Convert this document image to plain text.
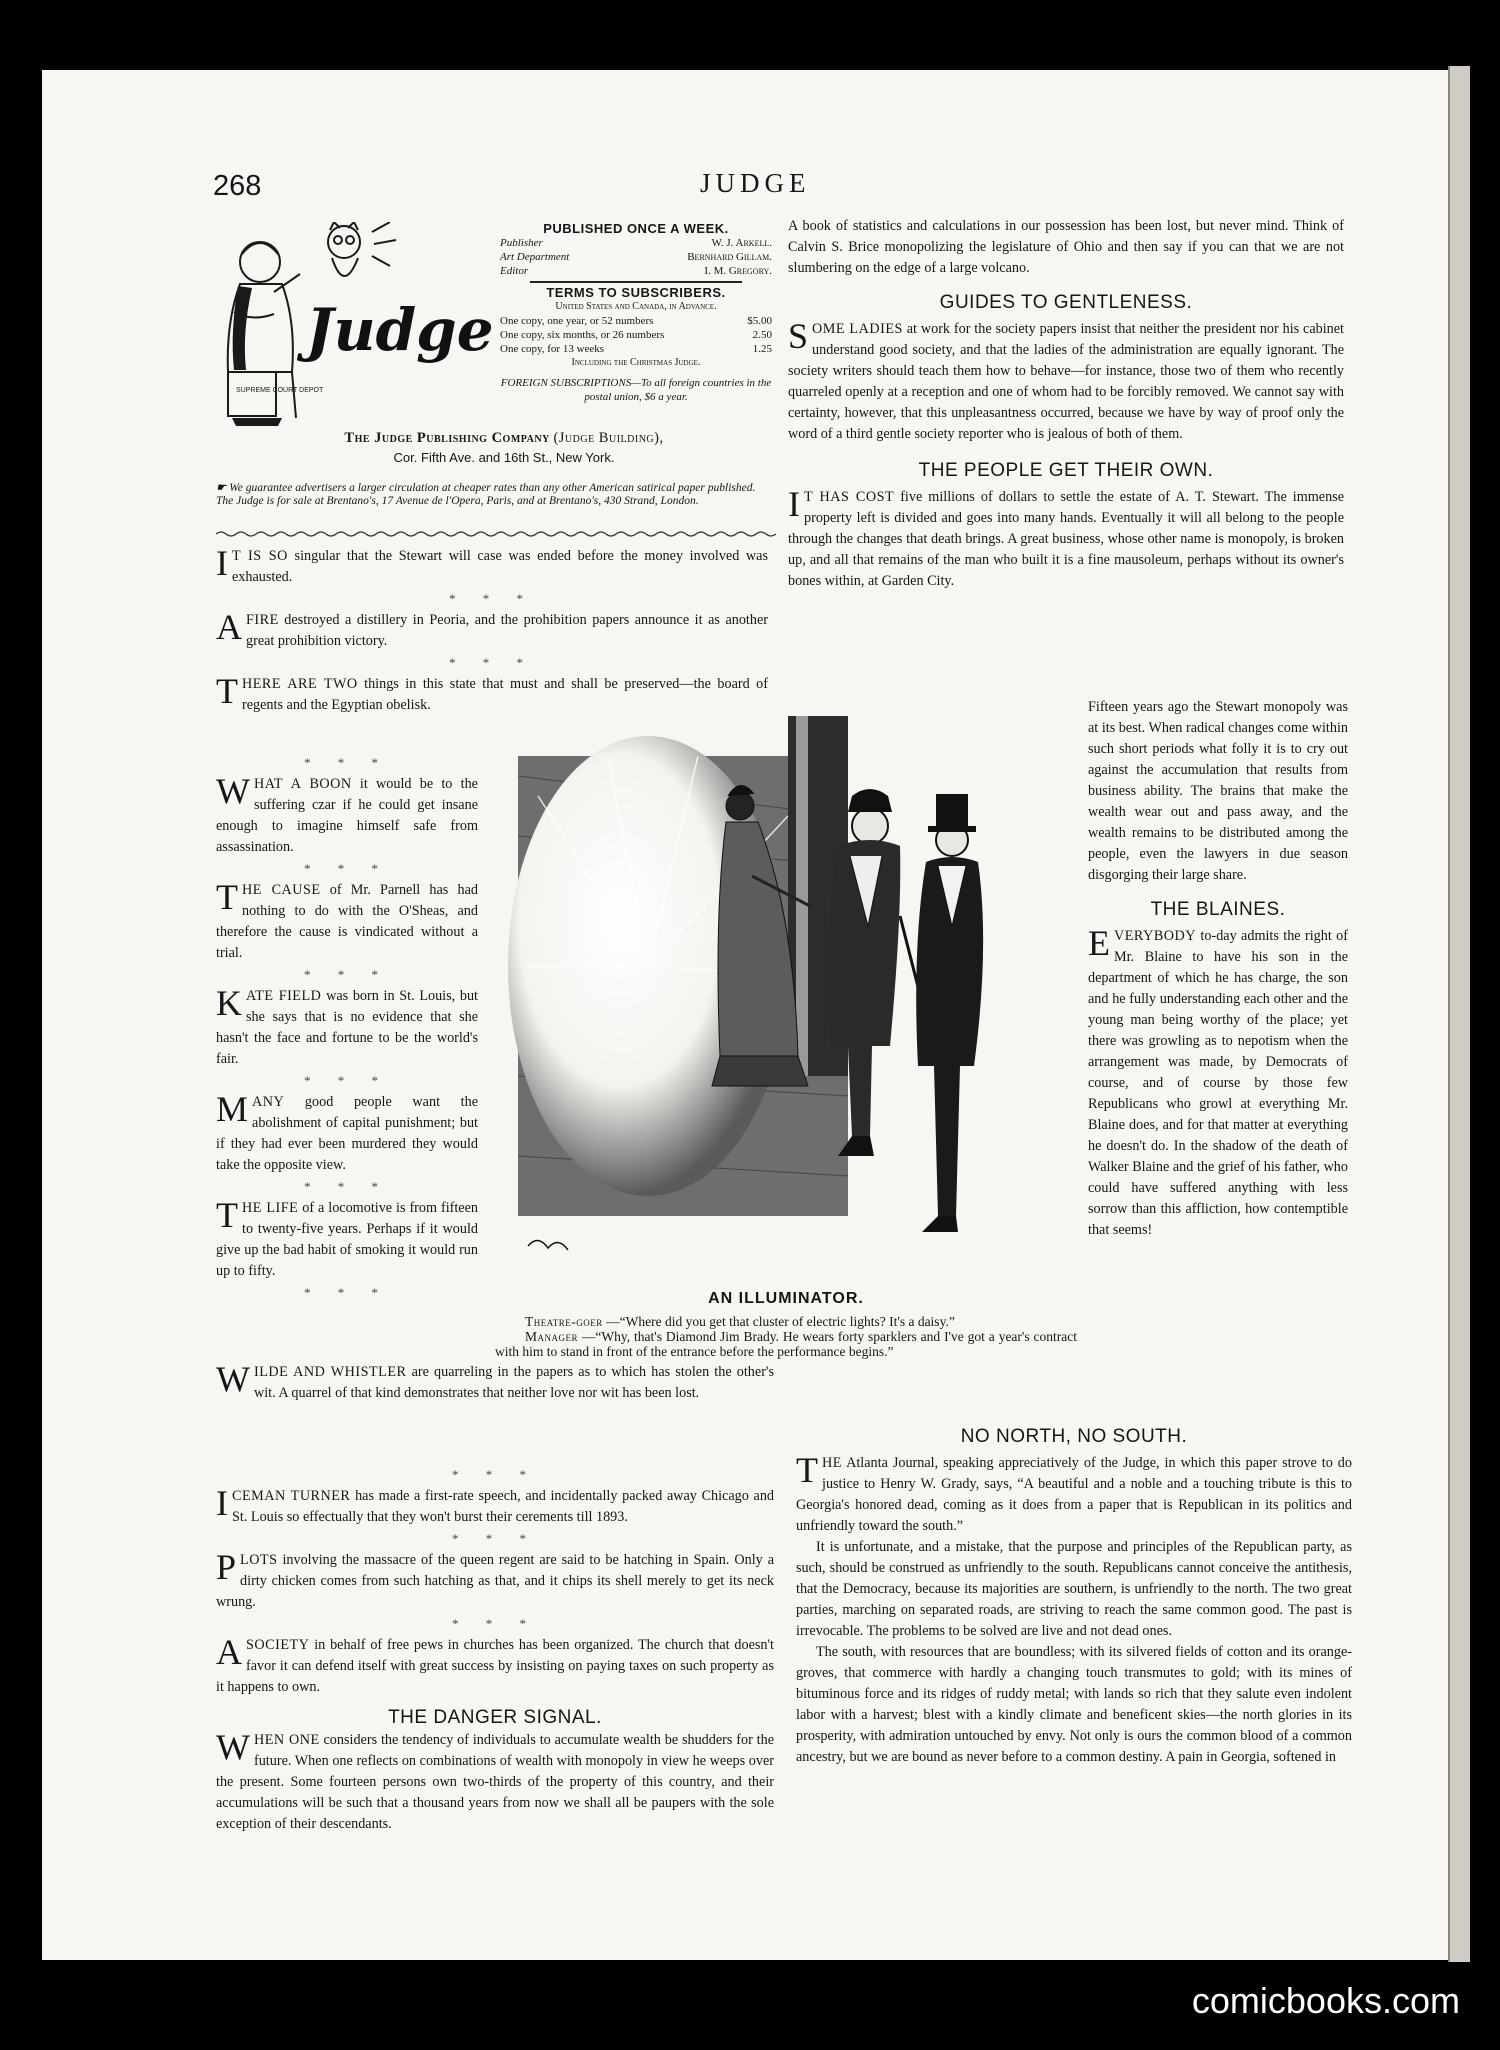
268	JUDGE
SUPREME COURT DEPOT
Judge
PUBLISHED ONCE A WEEK.
Publisher	W. J. Arkell.
Art Department	Bernhard Gillam.
Editor	I. M. Gregory.
TERMS TO SUBSCRIBERS.
United States and Canada, in Advance.
One copy, one year, or 52 numbers	$5.00
One copy, six months, or 26 numbers	2.50
One copy, for 13 weeks	1.25
Including the Christmas Judge.
FOREIGN SUBSCRIPTIONS—To all foreign countries in the postal union, $6 a year.
The Judge Publishing Company (Judge Building),
Cor. Fifth Ave. and 16th St., New York.
☛ We guarantee advertisers a larger circulation at cheaper rates than any other American satirical paper published.
The Judge is for sale at Brentano's, 17 Avenue de l'Opera, Paris, and at Brentano's, 430 Strand, London.

I T IS SO singular that the Stewart will case was ended before the money involved was exhausted.

* * *

A FIRE destroyed a distillery in Peoria, and the prohibition papers announce it as another great prohibition victory.

* * *

THERE ARE TWO things in this state that must and shall be preserved—the board of regents and the Egyptian obelisk.

* * *

WHAT A BOON it would be to the suffering czar if he could get insane enough to imagine himself safe from assassination.

* * *

THE CAUSE of Mr. Parnell has had nothing to do with the O'Sheas, and therefore the cause is vindicated without a trial.

* * *

KATE FIELD was born in St. Louis, but she says that is no evidence that she hasn't the face and fortune to be the world's fair.

* * *

MANY good people want the abolishment of capital punishment; but if they had ever been murdered they would take the opposite view.

* * *

THE LIFE of a locomotive is from fifteen to twenty-five years. Perhaps if it would give up the bad habit of smoking it would run up to fifty.

* * *

WILDE AND WHISTLER are quarreling in the papers as to which has stolen the other's wit. A quarrel of that kind demonstrates that neither love nor wit has been lost.

* * *

ICEMAN TURNER has made a first-rate speech, and incidentally packed away Chicago and St. Louis so effectually that they won't burst their cerements till 1893.

* * *

PLOTS involving the massacre of the queen regent are said to be hatching in Spain. Only a dirty chicken comes from such hatching as that, and it chips its shell merely to get its neck wrung.

* * *

A SOCIETY in behalf of free pews in churches has been organized. The church that doesn't favor it can defend itself with great success by insisting on paying taxes on such property as it happens to own.

THE DANGER SIGNAL.

WHEN ONE considers the tendency of individuals to accumulate wealth be shudders for the future. When one reflects on combinations of wealth with monopoly in view he weeps over the present. Some fourteen persons own two-thirds of the property of this country, and their accumulations will be such that a thousand years from now we shall all be paupers with the sole exception of their descendants.

A book of statistics and calculations in our possession has been lost, but never mind. Think of Calvin S. Brice monopolizing the legislature of Ohio and then say if you can that we are not slumbering on the edge of a large volcano.

GUIDES TO GENTLENESS.

SOME LADIES at work for the society papers insist that neither the president nor his cabinet understand good society, and that the ladies of the administration are equally ignorant. The society writers should teach them how to behave—for instance, those two of them who recently quarreled openly at a reception and one of whom had to be forcibly removed. We cannot say with certainty, however, that this unpleasantness occurred, because we have by way of proof only the word of a third gentle society reporter who is jealous of both of them.

THE PEOPLE GET THEIR OWN.

I T HAS COST five millions of dollars to settle the estate of A. T. Stewart. The immense property left is divided and goes into many hands. Eventually it will all belong to the people through the changes that death brings. A great business, whose other name is monopoly, is broken up, and all that remains of the man who built it is a fine mausoleum, perhaps without its owner's bones within, at Garden City.

Fifteen years ago the Stewart monopoly was at its best. When radical changes come within such short periods what folly it is to cry out against the accumulation that results from business ability. The brains that make the wealth wear out and pass away, and the wealth remains to be distributed among the people, even the lawyers in due season disgorging their large share.

THE BLAINES.

EVERYBODY to-day admits the right of Mr. Blaine to have his son in the department of which he has charge, the son and he fully understanding each other and the young man being worthy of the place; yet there was growling as to nepotism when the arrangement was made, by Democrats of course, and of course by those few Republicans who growl at everything Mr. Blaine does, and for that matter at everything he doesn't do. In the shadow of the death of Walker Blaine and the grief of his father, who could have suffered anything with less sorrow than this affliction, how contemptible that seems!

NO NORTH, NO SOUTH.

THE Atlanta Journal, speaking appreciatively of the Judge, in which this paper strove to do justice to Henry W. Grady, says, “A beautiful and a noble and a touching tribute is this to Georgia's honored dead, coming as it does from a paper that is Republican in its politics and unfriendly toward the south.”

It is unfortunate, and a mistake, that the purpose and principles of the Republican party, as such, should be construed as unfriendly to the south. Republicans cannot conceive the antithesis, that the Democracy, because its majorities are southern, is unfriendly to the north. The two great parties, marching on separated roads, are striving to reach the same common good. The past is irrevocable. The problems to be solved are live and not dead ones.

The south, with resources that are boundless; with its silvered fields of cotton and its orange-groves, that commerce with hardly a changing touch transmutes to gold; with its mines of bituminous force and its ridges of ruddy metal; with lands so rich that they salute even indolent labor with a harvest; blest with a kindly climate and beneficent skies—the north glories in its prosperity, with admiration untouched by envy. Not only is ours the common blood of a common ancestry, but we are bound as never before to a common destiny. A pain in Georgia, softened in

AN ILLUMINATOR.
Theatre-goer —“Where did you get that cluster of electric lights? It's a daisy.”
Manager —“Why, that's Diamond Jim Brady. He wears forty sparklers and I've got a year's contract with him to stand in front of the entrance before the performance begins.”
comicbooks.com
